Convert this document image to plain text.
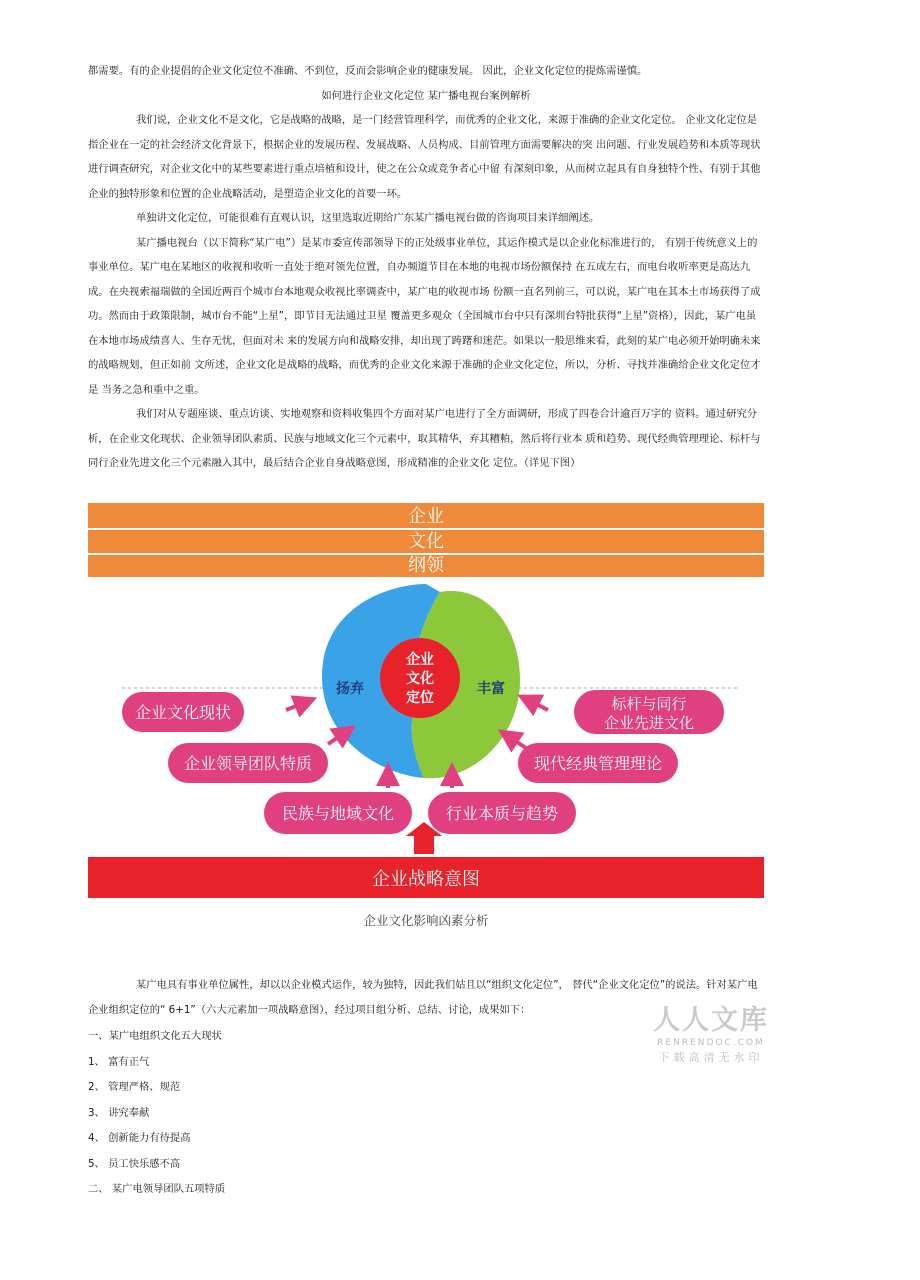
都需要。有的企业提倡的企业文化定位不准确、不到位，反而会影响企业的健康发展。 因此，企业文化定位的提炼需谨慎。

如何进行企业文化定位 某广播电视台案例解析

我们说，企业文化不是文化，它是战略的战略，是一门经营管理科学，而优秀的企业文化，来源于准确的企业文化定位。 企业文化定位是指企业在一定的社会经济文化背景下，根据企业的发展历程、发展战略、人员构成、目前管理方面需要解决的突 出问题、行业发展趋势和本质等现状进行调查研究，对企业文化中的某些要素进行重点培植和设计，使之在公众或竞争者心中留 有深刻印象，从而树立起具有自身独特个性、有别于其他企业的独特形象和位置的企业战略活动，是塑造企业文化的首要一环。

单独讲文化定位，可能很难有直观认识，这里选取近期给广东某广播电视台做的咨询项目来详细阐述。

某广播电视台（以下简称“某广电”）是某市委宣传部领导下的正处级事业单位，其运作模式是以企业化标准进行的， 有别于传统意义上的事业单位。某广电在某地区的收视和收听一直处于绝对领先位置，自办频道节目在本地的电视市场份额保持 在五成左右，而电台收听率更是高达九成。在央视索福瑞做的全国近两百个城市台本地观众收视比率调查中，某广电的收视市场 份额一直名列前三，可以说，某广电在其本土市场获得了成功。然而由于政策限制，城市台不能“上星”，即节目无法通过卫星 覆盖更多观众（全国城市台中只有深圳台特批获得“上星”资格），因此，某广电虽在本地市场成绩喜人、生存无忧，但面对未 来的发展方向和战略安排，却出现了踌躇和迷茫。如果以一般思维来看，此刻的某广电必须开始明确未来的战略规划，但正如前 文所述，企业文化是战略的战略，而优秀的企业文化来源于准确的企业文化定位，所以，分析、寻找并准确给企业文化定位才是 当务之急和重中之重。

我们对从专题座谈、重点访谈、实地观察和资料收集四个方面对某广电进行了全方面调研，形成了四卷合计逾百万字的 资料。通过研究分析，在企业文化现状、企业领导团队素质、民族与地域文化三个元素中，取其精华，弃其糟粕，然后将行业本 质和趋势、现代经典管理理论、标杆与同行企业先进文化三个元素融入其中，最后结合企业自身战略意图，形成精准的企业文化 定位。（详见下图）

企业
文化
纲领
企业
文化
定位
扬弃	丰富
企业文化现状
企业领导团队特质
民族与地域文化
标杆与同行
企业先进文化
现代经典管理理论
行业本质与趋势
企业战略意图
企业文化影响凶素分析

某广电具有事业单位属性，却以以企业模式运作，较为独特，因此我们姑且以“组织文化定位”， 替代“企业文化定位”的说法。针对某广电企业组织定位的“ 6+1”（六大元素加一项战略意图），经过项目组分析、总结、讨论，成果如下：

一、某广电组织文化五大现状

1、 富有正气

2、 管理严格、规范

3、 讲究奉献

4、 创新能力有待提高

5、 员工快乐感不高

二、 某广电领导团队五项特质

人人文库
RENRENDOC.COM
下载高清无水印
